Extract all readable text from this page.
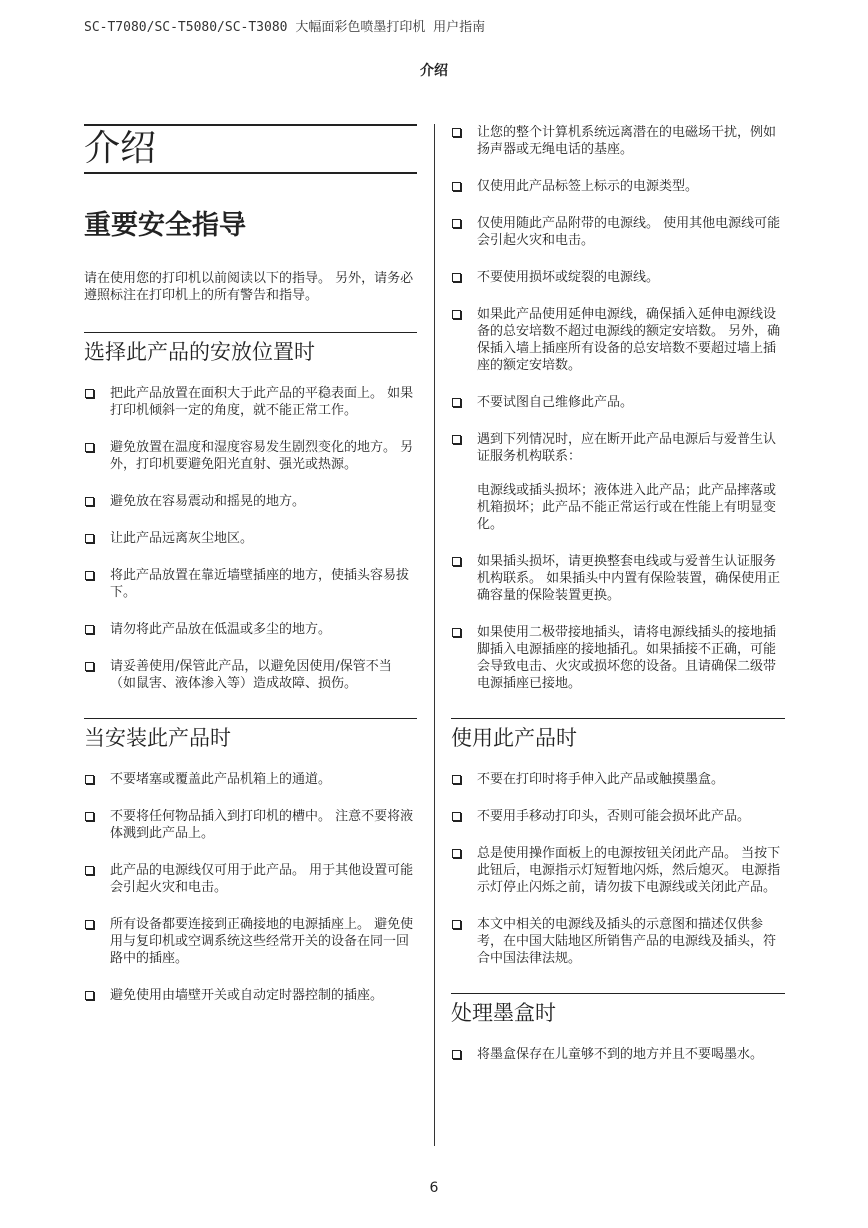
SC-T7080/SC-T5080/SC-T3080 大幅面彩色喷墨打印机 用户指南
介绍
介绍
重要安全指导
请在使用您的打印机以前阅读以下的指导。 另外，请务必遵照标注在打印机上的所有警告和指导。
选择此产品的安放位置时
把此产品放置在面积大于此产品的平稳表面上。 如果打印机倾斜一定的角度，就不能正常工作。
避免放置在温度和湿度容易发生剧烈变化的地方。 另外，打印机要避免阳光直射、强光或热源。
避免放在容易震动和摇晃的地方。
让此产品远离灰尘地区。
将此产品放置在靠近墙壁插座的地方，使插头容易拔下。
请勿将此产品放在低温或多尘的地方。
请妥善使用/保管此产品，以避免因使用/保管不当 （如鼠害、液体渗入等）造成故障、损伤。
当安装此产品时
不要堵塞或覆盖此产品机箱上的通道。
不要将任何物品插入到打印机的槽中。 注意不要将液体溅到此产品上。
此产品的电源线仅可用于此产品。 用于其他设置可能会引起火灾和电击。
所有设备都要连接到正确接地的电源插座上。 避免使用与复印机或空调系统这些经常开关的设备在同一回路中的插座。
避免使用由墙壁开关或自动定时器控制的插座。
让您的整个计算机系统远离潜在的电磁场干扰，例如扬声器或无绳电话的基座。
仅使用此产品标签上标示的电源类型。
仅使用随此产品附带的电源线。 使用其他电源线可能会引起火灾和电击。
不要使用损坏或绽裂的电源线。
如果此产品使用延伸电源线，确保插入延伸电源线设备的总安培数不超过电源线的额定安培数。 另外，确保插入墙上插座所有设备的总安培数不要超过墙上插座的额定安培数。
不要试图自己维修此产品。
遇到下列情况时，应在断开此产品电源后与爱普生认证服务机构联系：
电源线或插头损坏；液体进入此产品；此产品摔落或机箱损坏；此产品不能正常运行或在性能上有明显变化。
如果插头损坏，请更换整套电线或与爱普生认证服务机构联系。 如果插头中内置有保险装置，确保使用正确容量的保险装置更换。
如果使用二极带接地插头，请将电源线插头的接地插脚插入电源插座的接地插孔。如果插接不正确，可能会导致电击、火灾或损坏您的设备。且请确保二级带电源插座已接地。
使用此产品时
不要在打印时将手伸入此产品或触摸墨盒。
不要用手移动打印头，否则可能会损坏此产品。
总是使用操作面板上的电源按钮关闭此产品。 当按下此钮后，电源指示灯短暂地闪烁，然后熄灭。 电源指示灯停止闪烁之前，请勿拔下电源线或关闭此产品。
本文中相关的电源线及插头的示意图和描述仅供参考，在中国大陆地区所销售产品的电源线及插头，符合中国法律法规。
处理墨盒时
将墨盒保存在儿童够不到的地方并且不要喝墨水。
6
